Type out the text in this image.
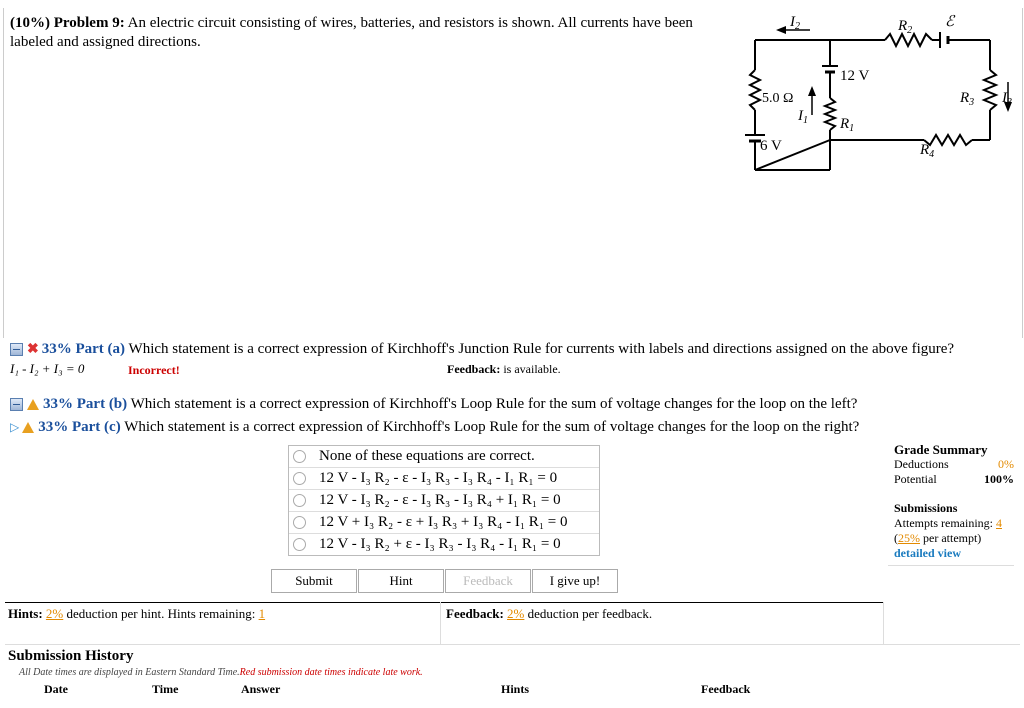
(10%) Problem 9: An electric circuit consisting of wires, batteries, and resistors is shown. All currents have been labeled and assigned directions.
$I_2$	$R_2$
ℰ
12 V
5.0 Ω	$R_3$ $I_3$
$I_1$ $R_1$
6 V	$R_4$
✖ 33% Part (a) Which statement is a correct expression of Kirchhoff's Junction Rule for currents with labels and directions assigned on the above figure?
I₁ - I₂ + I₃ = 0	Incorrect!	Feedback: is available.
33% Part (b) Which statement is a correct expression of Kirchhoff's Loop Rule for the sum of voltage changes for the loop on the left?
▷ 33% Part (c) Which statement is a correct expression of Kirchhoff's Loop Rule for the sum of voltage changes for the loop on the right?
None of these equations are correct.
12 V - I₃ R₂ - ε - I₃ R₃ - I₃ R₄ - I₁ R₁ = 0
12 V - I₃ R₂ - ε - I₃ R₃ - I₃ R₄ + I₁ R₁ = 0
12 V + I₃ R₂ - ε + I₃ R₃ + I₃ R₄ - I₁ R₁ = 0
12 V - I₃ R₂ + ε - I₃ R₃ - I₃ R₄ - I₁ R₁ = 0
Submit	Hint	Feedback	I give up!
Grade Summary
Deductions	0%
Potential	100%
Submissions
Attempts remaining: 4
(25% per attempt)
detailed view
Hints: 2% deduction per hint. Hints remaining: 1	Feedback: 2% deduction per feedback.
Submission History
All Date times are displayed in Eastern Standard Time.Red submission date times indicate late work.
Date	Time	Answer	Hints	Feedback
